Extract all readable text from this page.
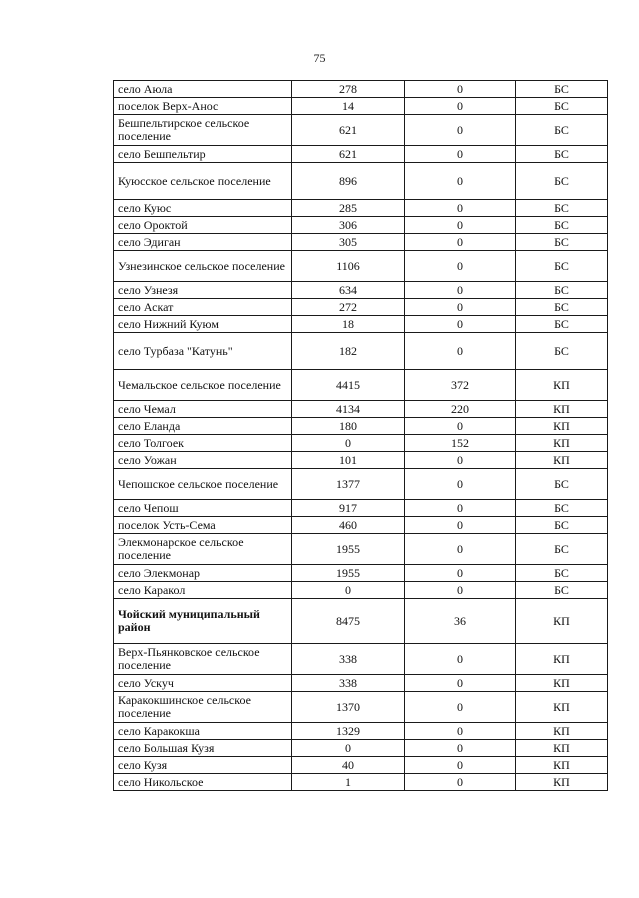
75
село Аюла	278	0	БС
поселок Верх-Анос	14	0	БС
Бешпельтирское сельское поселение	621	0	БС
село Бешпельтир	621	0	БС
Куюсское сельское поселение	896	0	БС
село Куюс	285	0	БС
село Ороктой	306	0	БС
село Эдиган	305	0	БС
Узнезинское сельское поселение	1106	0	БС
село Узнезя	634	0	БС
село Аскат	272	0	БС
село Нижний Куюм	18	0	БС
село Турбаза "Катунь"	182	0	БС
Чемальское сельское поселение	4415	372	КП
село Чемал	4134	220	КП
село Еланда	180	0	КП
село Толгоек	0	152	КП
село Уожан	101	0	КП
Чепошское сельское поселение	1377	0	БС
село Чепош	917	0	БС
поселок Усть-Сема	460	0	БС
Элекмонарское сельское поселение	1955	0	БС
село Элекмонар	1955	0	БС
село Каракол	0	0	БС
Чойский муниципальный район	8475	36	КП
Верх-Пьянковское сельское поселение	338	0	КП
село Ускуч	338	0	КП
Каракокшинское сельское поселение	1370	0	КП
село Каракокша	1329	0	КП
село Большая Кузя	0	0	КП
село Кузя	40	0	КП
село Никольское	1	0	КП
